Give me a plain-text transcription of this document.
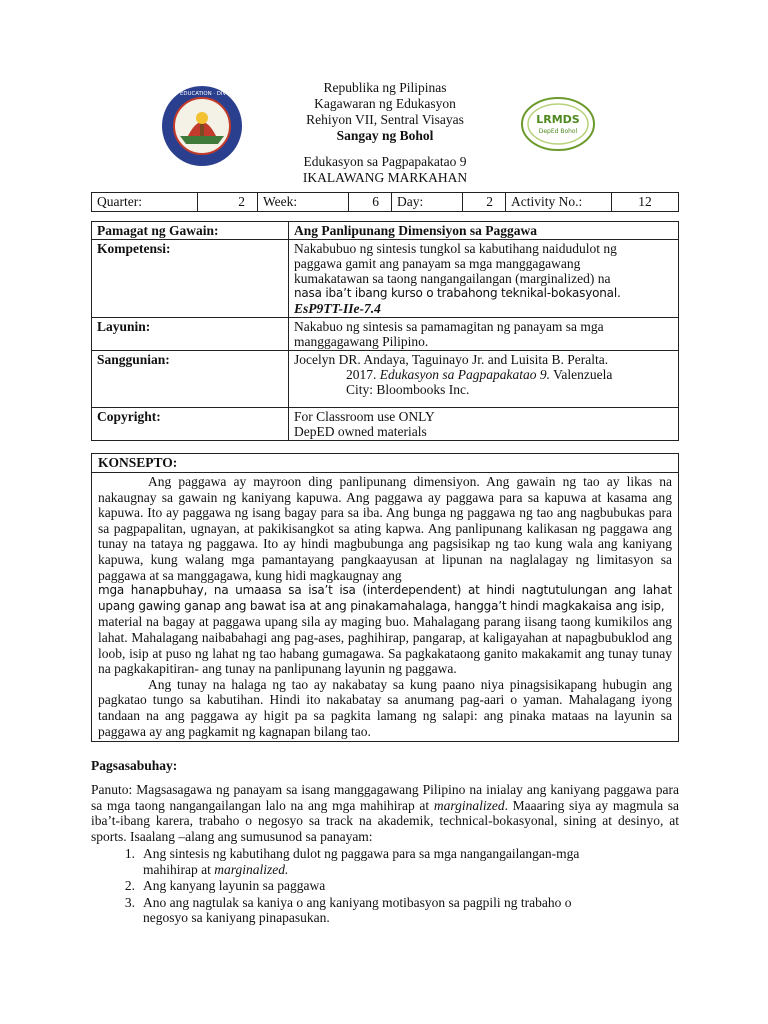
DEPARTMENT OF EDUCATION · DIVISION OF BOHOL
LRMDS
DepEd Bohol
Republika ng Pilipinas
Kagawaran ng Edukasyon
Rehiyon VII, Sentral Visayas
Sangay ng Bohol
Edukasyon sa Pagpapakatao 9
IKALAWANG MARKAHAN
Quarter:	2	Week:	6	Day:	2	Activity No.:	12
Pamagat ng Gawain:	Ang Panlipunang Dimensiyon sa Paggawa
Kompetensi:	Nakabubuo ng sintesis tungkol sa kabutihang naidudulot ng paggawa gamit ang panayam sa mga manggagawang kumakatawan sa taong nangangailangan (marginalized) na
nasa iba’t ibang kurso o trabahong teknikal-bokasyonal.
EsP9TT-IIe-7.4

Layunin:	Nakabuo ng sintesis sa pamamagitan ng panayam sa mga manggagawang Pilipino.
Sanggunian:	Jocelyn DR. Andaya, Taguinayo Jr. and Luisita B. Peralta.
2017. Edukasyon sa Pagpapakatao 9. Valenzuela
City: Bloombooks Inc.

Copyright:	For Classroom use ONLY
DepED owned materials
KONSEPTO:

Ang paggawa ay mayroon ding panlipunang dimensiyon. Ang gawain ng tao ay likas na nakaugnay sa gawain ng kaniyang kapuwa. Ang paggawa ay paggawa para sa kapuwa at kasama ang kapuwa. Ito ay paggawa ng isang bagay para sa iba. Ang bunga ng paggawa ng tao ang nagbubukas para sa pagpapalitan, ugnayan, at pakikisangkot sa ating kapwa. Ang panlipunang kalikasan ng paggawa ang tunay na tataya ng paggawa. Ito ay hindi magbubunga ang pagsisikap ng tao kung wala ang kaniyang kapuwa, kung walang mga pamantayang pangkaayusan at lipunan na naglalagay ng limitasyon sa paggawa at sa manggagawa, kung hidi magkaugnay ang

mga hanapbuhay, na umaasa sa isa’t isa (interdependent) at hindi nagtutulungan ang lahat upang gawing ganap ang bawat isa at ang pinakamahalaga, hangga’t hindi magkakaisa ang isip,

material na bagay at paggawa upang sila ay maging buo. Mahalagang parang iisang taong kumikilos ang lahat. Mahalagang naibabahagi ang pag-ases, paghihirap, pangarap, at kaligayahan at napagbubuklod ang loob, isip at puso ng lahat ng tao habang gumagawa. Sa pagkakataong ganito makakamit ang tunay tunay na pagkakapitiran- ang tunay na panlipunang layunin ng paggawa.

Ang tunay na halaga ng tao ay nakabatay sa kung paano niya pinagsisikapang hubugin ang pagkatao tungo sa kabutihan. Hindi ito nakabatay sa anumang pag-aari o yaman. Mahalagang iyong tandaan na ang paggawa ay higit pa sa pagkita lamang ng salapi: ang pinaka mataas na layunin sa paggawa ay ang pagkamit ng kagnapan bilang tao.

Pagsasabuhay:
Panuto: Magsasagawa ng panayam sa isang manggagawang Pilipino na inialay ang kaniyang paggawa para sa mga taong nangangailangan lalo na ang mga mahihirap at marginalized. Maaaring siya ay magmula sa iba’t-ibang karera, trabaho o negosyo sa track na akademik, technical-bokasyonal, sining at desinyo, at sports. Isaalang –alang ang sumusunod sa panayam:
1. Ang sintesis ng kabutihang dulot ng paggawa para sa mga nangangailangan-mga mahihirap at marginalized.
2. Ang kanyang layunin sa paggawa
3. Ano ang nagtulak sa kaniya o ang kaniyang motibasyon sa pagpili ng trabaho o negosyo sa kaniyang pinapasukan.
